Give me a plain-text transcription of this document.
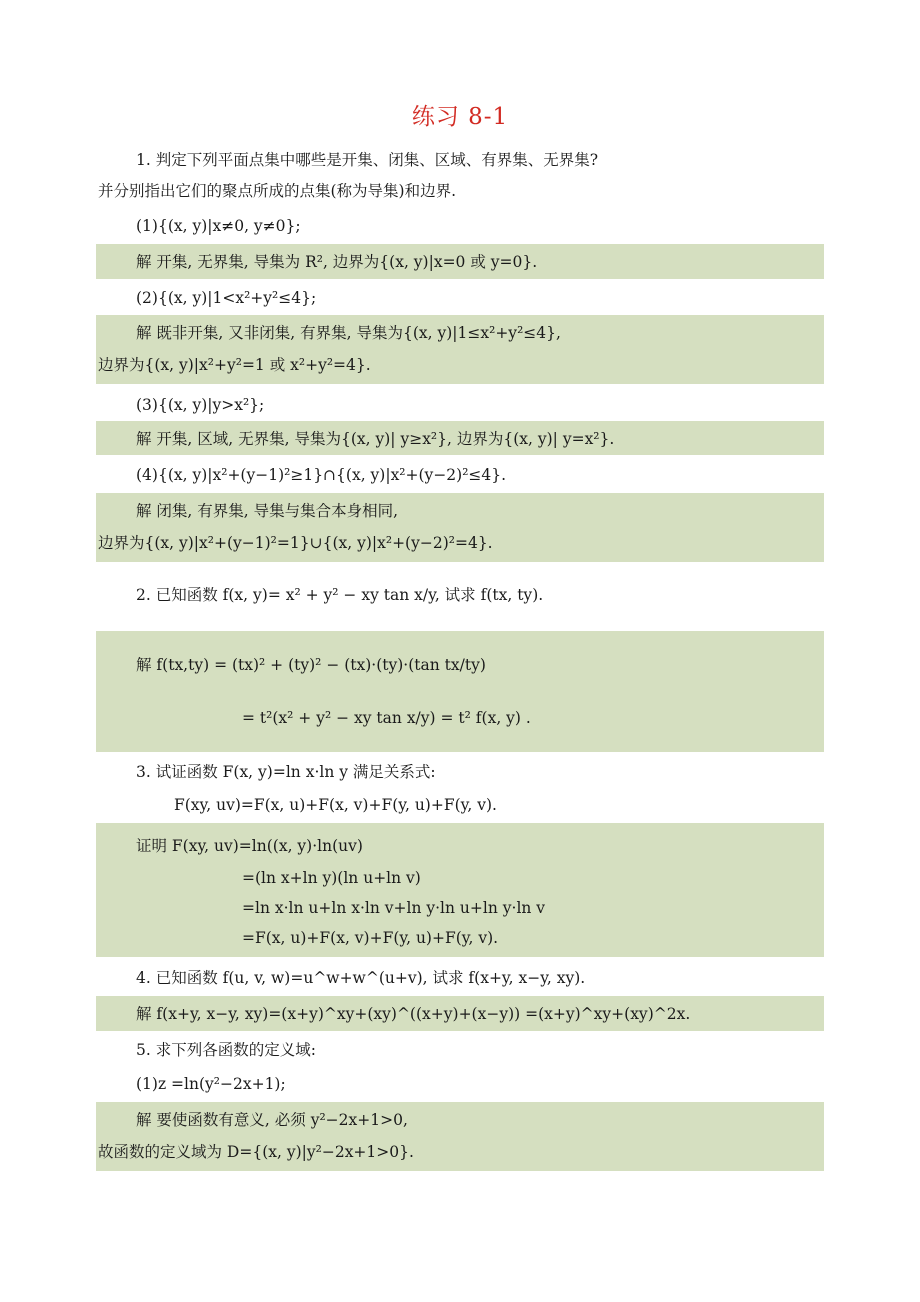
练习 8-1
1. 判定下列平面点集中哪些是开集、闭集、区域、有界集、无界集?
并分别指出它们的聚点所成的点集(称为导集)和边界.
(1){(x, y)|x≠0, y≠0};
解 开集, 无界集, 导集为 R², 边界为{(x, y)|x=0 或 y=0}.
(2){(x, y)|1<x²+y²≤4};
解 既非开集, 又非闭集, 有界集, 导集为{(x, y)|1≤x²+y²≤4},
边界为{(x, y)|x²+y²=1 或 x²+y²=4}.
(3){(x, y)|y>x²};
解 开集, 区域, 无界集, 导集为{(x, y)| y≥x²}, 边界为{(x, y)| y=x²}.
(4){(x, y)|x²+(y−1)²≥1}∩{(x, y)|x²+(y−2)²≤4}.
解 闭集, 有界集, 导集与集合本身相同,
边界为{(x, y)|x²+(y−1)²=1}∪{(x, y)|x²+(y−2)²=4}.
2. 已知函数 f(x, y)= x² + y² − xy tan x/y, 试求 f(tx, ty).
解 f(tx,ty) = (tx)² + (ty)² − (tx)·(ty)·(tan tx/ty)
= t²(x² + y² − xy tan x/y) = t² f(x, y) .
3. 试证函数 F(x, y)=ln x·ln y 满足关系式:
F(xy, uv)=F(x, u)+F(x, v)+F(y, u)+F(y, v).
证明 F(xy, uv)=ln((x, y)·ln(uv)
=(ln x+ln y)(ln u+ln v)
=ln x·ln u+ln x·ln v+ln y·ln u+ln y·ln v
=F(x, u)+F(x, v)+F(y, u)+F(y, v).
4. 已知函数 f(u, v, w)=u^w+w^(u+v), 试求 f(x+y, x−y, xy).
解 f(x+y, x−y, xy)=(x+y)^xy+(xy)^((x+y)+(x−y)) =(x+y)^xy+(xy)^2x.
5. 求下列各函数的定义域:
(1)z =ln(y²−2x+1);
解 要使函数有意义, 必须 y²−2x+1>0,
故函数的定义域为 D={(x, y)|y²−2x+1>0}.
